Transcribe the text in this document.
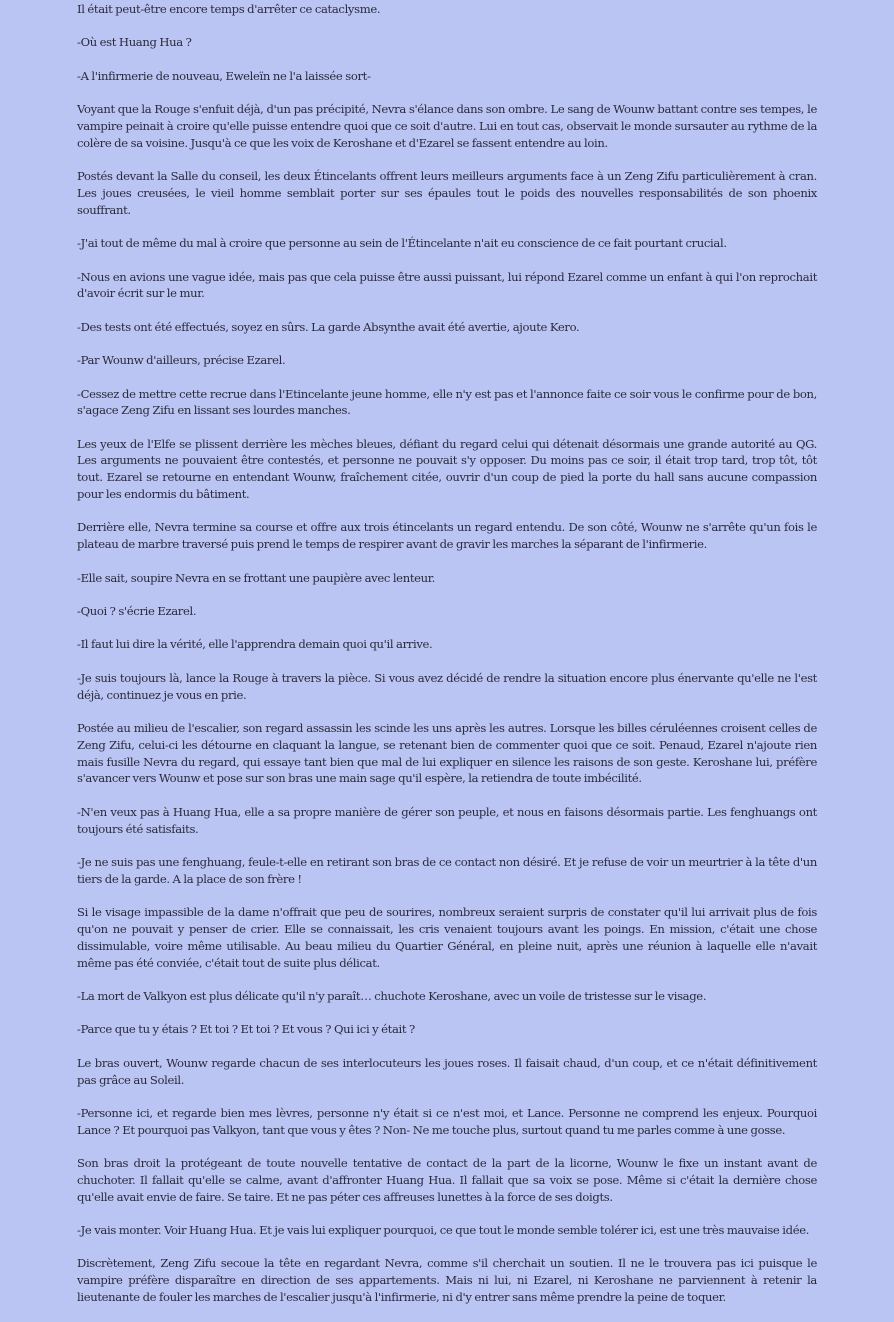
Il était peut-être encore temps d'arrêter ce cataclysme.

-Où est Huang Hua ?

-A l'infirmerie de nouveau, Eweleïn ne l'a laissée sort-

Voyant que la Rouge s'enfuit déjà, d'un pas précipité, Nevra s'élance dans son ombre. Le sang de Wounw battant contre ses tempes, le vampire peinait à croire qu'elle puisse entendre quoi que ce soit d'autre. Lui en tout cas, observait le monde sursauter au rythme de la colère de sa voisine. Jusqu'à ce que les voix de Keroshane et d'Ezarel se fassent entendre au loin.

Postés devant la Salle du conseil, les deux Étincelants offrent leurs meilleurs arguments face à un Zeng Zifu particulièrement à cran. Les joues creusées, le vieil homme semblait porter sur ses épaules tout le poids des nouvelles responsabilités de son phoenix souffrant.

-J'ai tout de même du mal à croire que personne au sein de l'Étincelante n'ait eu conscience de ce fait pourtant crucial.

-Nous en avions une vague idée, mais pas que cela puisse être aussi puissant, lui répond Ezarel comme un enfant à qui l'on reprochait d'avoir écrit sur le mur.

-Des tests ont été effectués, soyez en sûrs. La garde Absynthe avait été avertie, ajoute Kero.

-Par Wounw d'ailleurs, précise Ezarel.

-Cessez de mettre cette recrue dans l'Etincelante jeune homme, elle n'y est pas et l'annonce faite ce soir vous le confirme pour de bon, s'agace Zeng Zifu en lissant ses lourdes manches.

Les yeux de l'Elfe se plissent derrière les mèches bleues, défiant du regard celui qui détenait désormais une grande autorité au QG. Les arguments ne pouvaient être contestés, et personne ne pouvait s'y opposer. Du moins pas ce soir, il était trop tard, trop tôt, tôt tout. Ezarel se retourne en entendant Wounw, fraîchement citée, ouvrir d'un coup de pied la porte du hall sans aucune compassion pour les endormis du bâtiment.

Derrière elle, Nevra termine sa course et offre aux trois étincelants un regard entendu. De son côté, Wounw ne s'arrête qu'un fois le plateau de marbre traversé puis prend le temps de respirer avant de gravir les marches la séparant de l'infirmerie.

-Elle sait, soupire Nevra en se frottant une paupière avec lenteur.

-Quoi ? s'écrie Ezarel.

-Il faut lui dire la vérité, elle l'apprendra demain quoi qu'il arrive.

-Je suis toujours là, lance la Rouge à travers la pièce. Si vous avez décidé de rendre la situation encore plus énervante qu'elle ne l'est déjà, continuez je vous en prie.

Postée au milieu de l'escalier, son regard assassin les scinde les uns après les autres. Lorsque les billes céruléennes croisent celles de Zeng Zifu, celui-ci les détourne en claquant la langue, se retenant bien de commenter quoi que ce soit. Penaud, Ezarel n'ajoute rien mais fusille Nevra du regard, qui essaye tant bien que mal de lui expliquer en silence les raisons de son geste. Keroshane lui, préfère s'avancer vers Wounw et pose sur son bras une main sage qu'il espère, la retiendra de toute imbécilité.

-N'en veux pas à Huang Hua, elle a sa propre manière de gérer son peuple, et nous en faisons désormais partie. Les fenghuangs ont toujours été satisfaits.

-Je ne suis pas une fenghuang, feule-t-elle en retirant son bras de ce contact non désiré. Et je refuse de voir un meurtrier à la tête d'un tiers de la garde. A la place de son frère !

Si le visage impassible de la dame n'offrait que peu de sourires, nombreux seraient surpris de constater qu'il lui arrivait plus de fois qu'on ne pouvait y penser de crier. Elle se connaissait, les cris venaient toujours avant les poings. En mission, c'était une chose dissimulable, voire même utilisable. Au beau milieu du Quartier Général, en pleine nuit, après une réunion à laquelle elle n'avait même pas été conviée, c'était tout de suite plus délicat.

-La mort de Valkyon est plus délicate qu'il n'y paraît… chuchote Keroshane, avec un voile de tristesse sur le visage.

-Parce que tu y étais ? Et toi ? Et toi ? Et vous ? Qui ici y était ?

Le bras ouvert, Wounw regarde chacun de ses interlocuteurs les joues roses. Il faisait chaud, d'un coup, et ce n'était définitivement pas grâce au Soleil.

-Personne ici, et regarde bien mes lèvres, personne n'y était si ce n'est moi, et Lance. Personne ne comprend les enjeux. Pourquoi Lance ? Et pourquoi pas Valkyon, tant que vous y êtes ? Non- Ne me touche plus, surtout quand tu me parles comme à une gosse.

Son bras droit la protégeant de toute nouvelle tentative de contact de la part de la licorne, Wounw le fixe un instant avant de chuchoter. Il fallait qu'elle se calme, avant d'affronter Huang Hua. Il fallait que sa voix se pose. Même si c'était la dernière chose qu'elle avait envie de faire. Se taire. Et ne pas péter ces affreuses lunettes à la force de ses doigts.

-Je vais monter. Voir Huang Hua. Et je vais lui expliquer pourquoi, ce que tout le monde semble tolérer ici, est une très mauvaise idée.

Discrètement, Zeng Zifu secoue la tête en regardant Nevra, comme s'il cherchait un soutien. Il ne le trouvera pas ici puisque le vampire préfère disparaître en direction de ses appartements. Mais ni lui, ni Ezarel, ni Keroshane ne parviennent à retenir la lieutenante de fouler les marches de l'escalier jusqu'à l'infirmerie, ni d'y entrer sans même prendre la peine de toquer.
